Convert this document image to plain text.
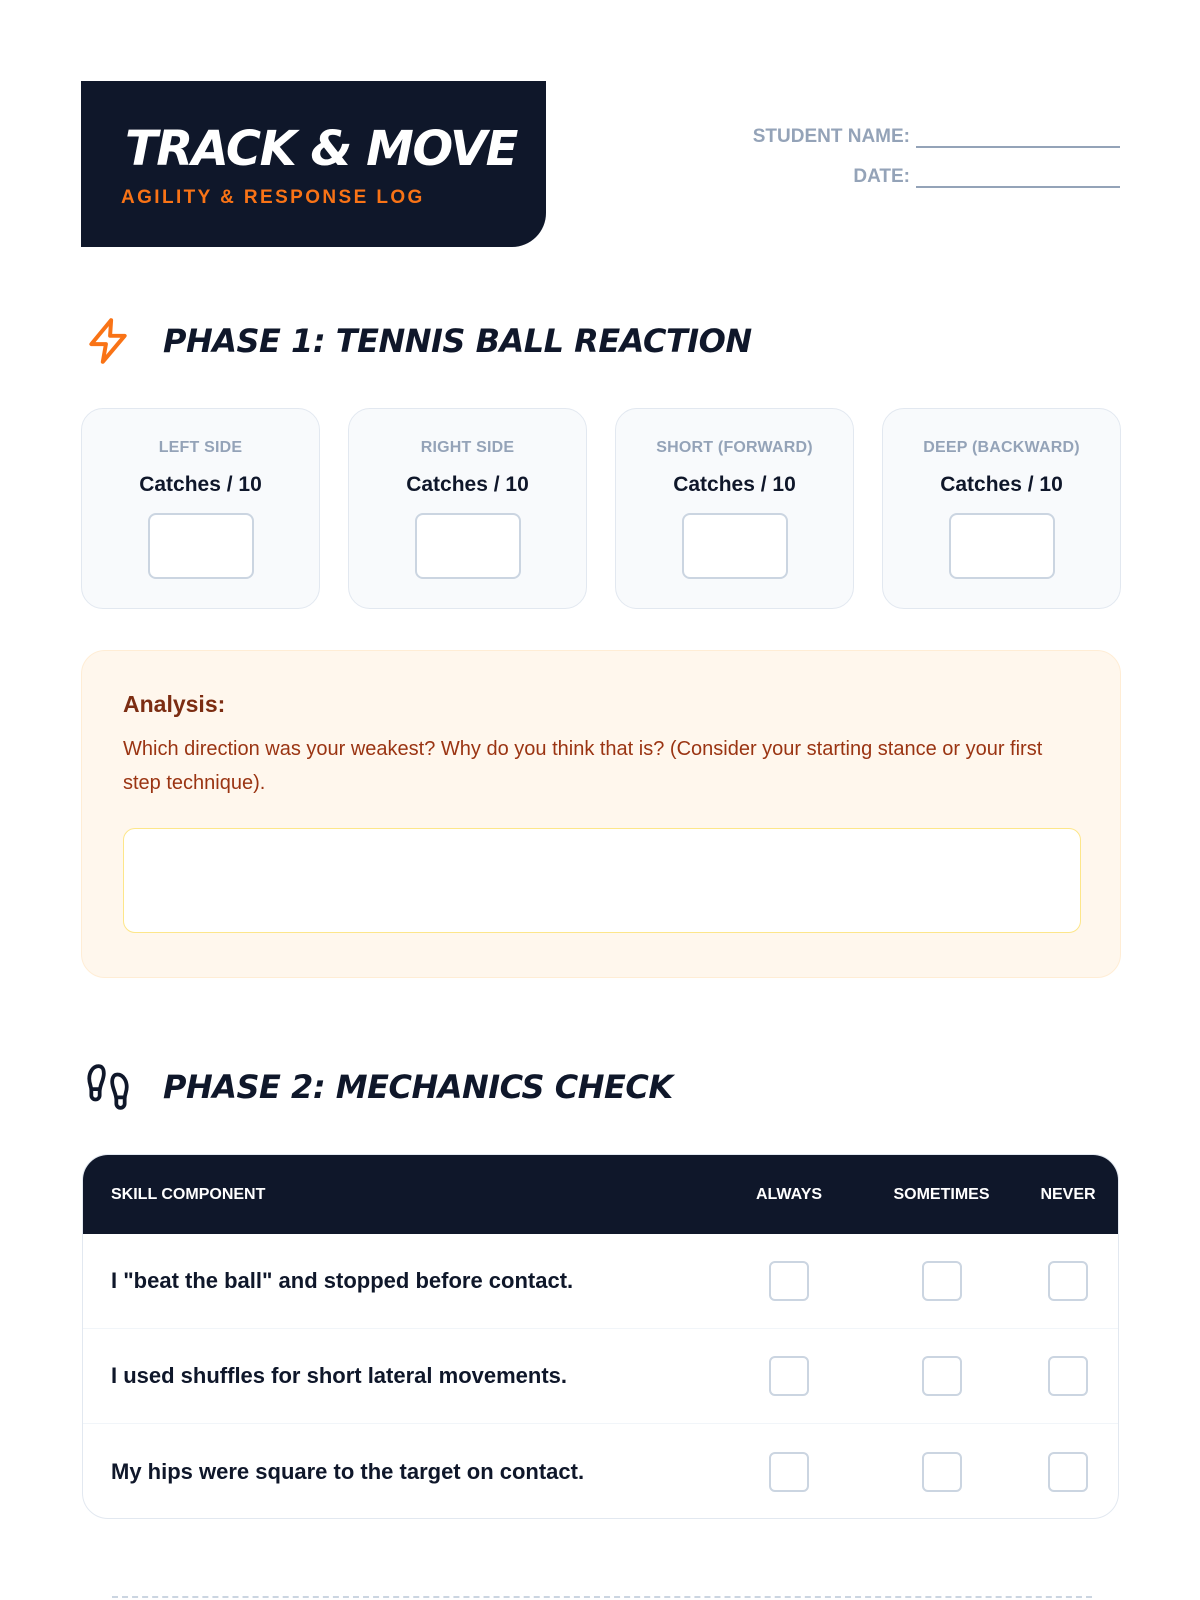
TRACK & MOVE
AGILITY & RESPONSE LOG
STUDENT NAME:
DATE:
PHASE 1: TENNIS BALL REACTION
LEFT SIDE
Catches / 10
RIGHT SIDE
Catches / 10
SHORT (FORWARD)
Catches / 10
DEEP (BACKWARD)
Catches / 10
Analysis:
Which direction was your weakest? Why do you think that is? (Consider your starting stance or your first step technique).
PHASE 2: MECHANICS CHECK
SKILL COMPONENT	ALWAYS	SOMETIMES	NEVER
I "beat the ball" and stopped before contact.
I used shuffles for short lateral movements.
My hips were square to the target on contact.
